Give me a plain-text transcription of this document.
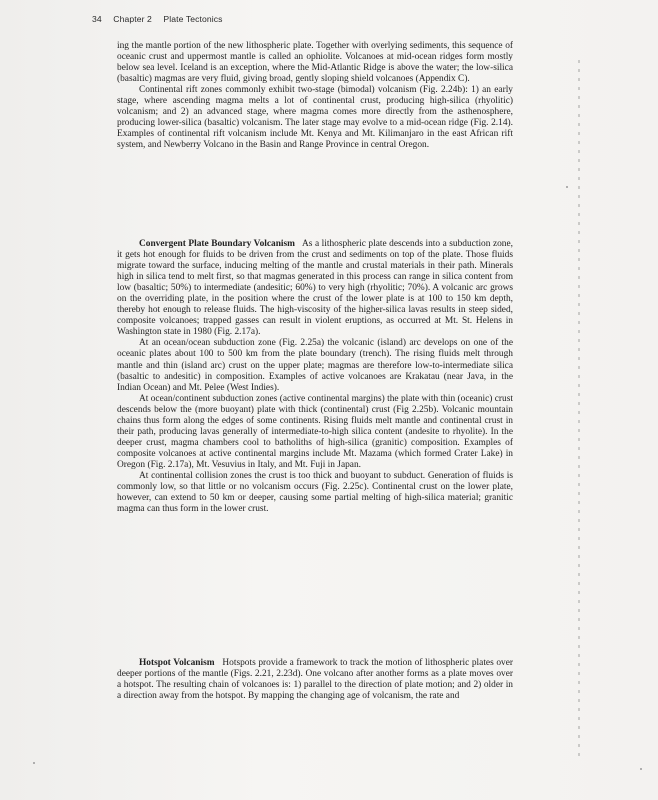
34 Chapter 2 Plate Tectonics

ing the mantle portion of the new lithospheric plate. Together with overlying sediments, this sequence of oceanic crust and uppermost mantle is called an ophiolite. Volcanoes at mid-ocean ridges form mostly below sea level. Iceland is an exception, where the Mid-Atlantic Ridge is above the water; the low-silica (basaltic) magmas are very fluid, giving broad, gently sloping shield volcanoes (Appendix C).

Continental rift zones commonly exhibit two-stage (bimodal) volcanism (Fig. 2.24b): 1) an early stage, where ascending magma melts a lot of continental crust, producing high-silica (rhyolitic) volcanism; and 2) an advanced stage, where magma comes more directly from the asthenosphere, producing lower-silica (basaltic) volcanism. The later stage may evolve to a mid-ocean ridge (Fig. 2.14). Examples of continental rift volcanism include Mt. Kenya and Mt. Kilimanjaro in the east African rift system, and Newberry Volcano in the Basin and Range Province in central Oregon.

Convergent Plate Boundary Volcanism As a lithospheric plate descends into a subduction zone, it gets hot enough for fluids to be driven from the crust and sediments on top of the plate. Those fluids migrate toward the surface, inducing melting of the mantle and crustal materials in their path. Minerals high in silica tend to melt first, so that magmas generated in this process can range in silica content from low (basaltic; 50%) to intermediate (andesitic; 60%) to very high (rhyolitic; 70%). A volcanic arc grows on the overriding plate, in the position where the crust of the lower plate is at 100 to 150 km depth, thereby hot enough to release fluids. The high-viscosity of the higher-silica lavas results in steep sided, composite volcanoes; trapped gasses can result in violent eruptions, as occurred at Mt. St. Helens in Washington state in 1980 (Fig. 2.17a).

At an ocean/ocean subduction zone (Fig. 2.25a) the volcanic (island) arc develops on one of the oceanic plates about 100 to 500 km from the plate boundary (trench). The rising fluids melt through mantle and thin (island arc) crust on the upper plate; magmas are therefore low-to-intermediate silica (basaltic to andesitic) in composition. Examples of active volcanoes are Krakatau (near Java, in the Indian Ocean) and Mt. Pelee (West Indies).

At ocean/continent subduction zones (active continental margins) the plate with thin (oceanic) crust descends below the (more buoyant) plate with thick (continental) crust (Fig 2.25b). Volcanic mountain chains thus form along the edges of some continents. Rising fluids melt mantle and continental crust in their path, producing lavas generally of intermediate-to-high silica content (andesite to rhyolite). In the deeper crust, magma chambers cool to batholiths of high-silica (granitic) composition. Examples of composite volcanoes at active continental margins include Mt. Mazama (which formed Crater Lake) in Oregon (Fig. 2.17a), Mt. Vesuvius in Italy, and Mt. Fuji in Japan.

At continental collision zones the crust is too thick and buoyant to subduct. Generation of fluids is commonly low, so that little or no volcanism occurs (Fig. 2.25c). Continental crust on the lower plate, however, can extend to 50 km or deeper, causing some partial melting of high-silica material; granitic magma can thus form in the lower crust.

Hotspot Volcanism Hotspots provide a framework to track the motion of lithospheric plates over deeper portions of the mantle (Figs. 2.21, 2.23d). One volcano after another forms as a plate moves over a hotspot. The resulting chain of volcanoes is: 1) parallel to the direction of plate motion; and 2) older in a direction away from the hotspot. By mapping the changing age of volcanism, the rate and
